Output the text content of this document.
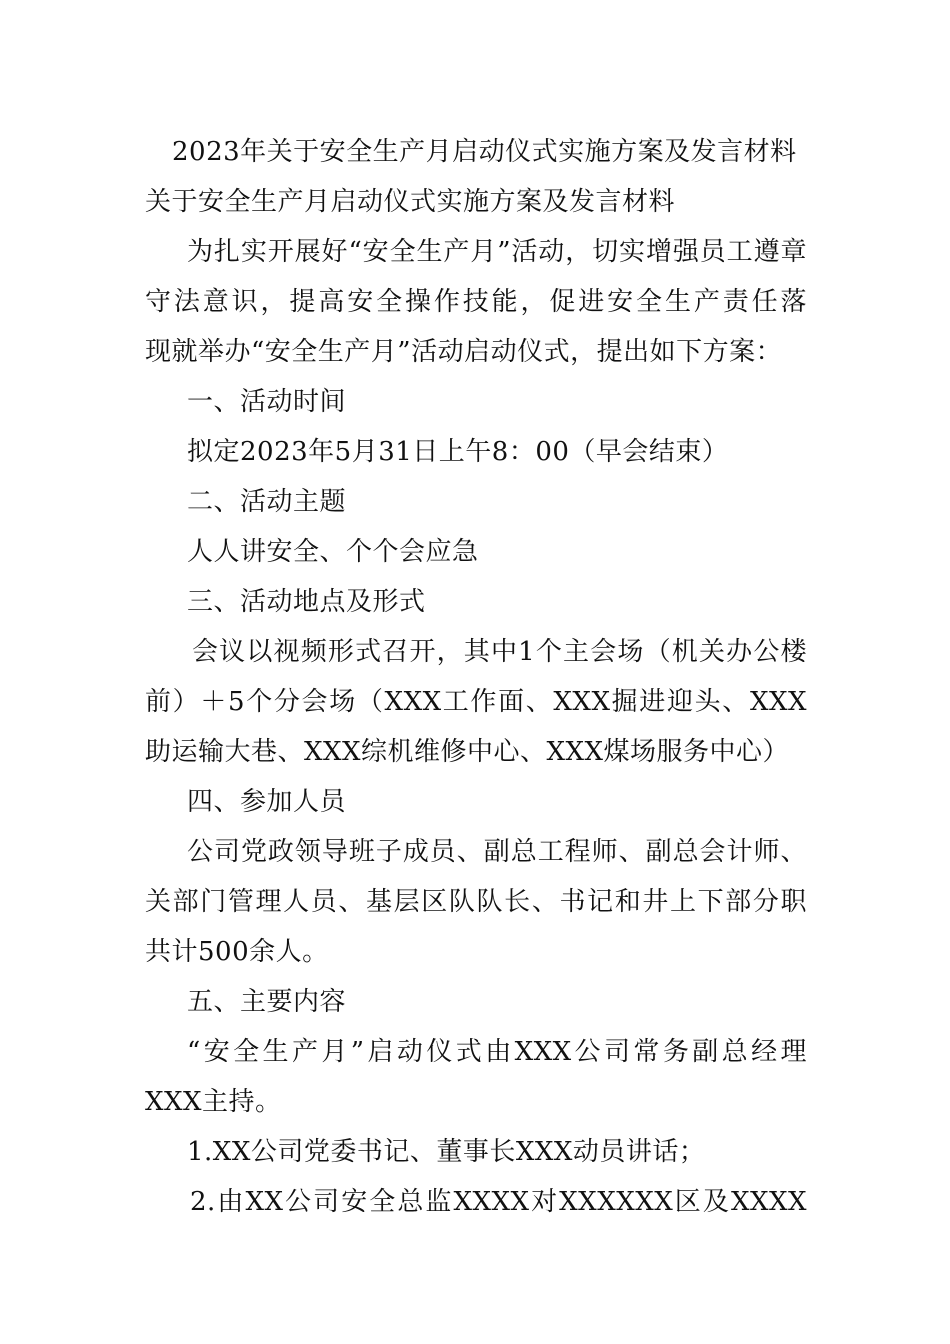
2023年关于安全生产月启动仪式实施方案及发言材料
关于安全生产月启动仪式实施方案及发言材料
为扎实开展好“安全生产月”活动，切实增强员工遵章
守法意识，提高安全操作技能，促进安全生产责任落
现就举办“安全生产月”活动启动仪式，提出如下方案：
一、活动时间
拟定2023年5月31日上午8：00（早会结束）
二、活动主题
人人讲安全、个个会应急
三、活动地点及形式
会议以视频形式召开，其中1个主会场（机关办公楼
前）＋5个分会场（XXX工作面、XXX掘进迎头、XXX
助运输大巷、XXX综机维修中心、XXX煤场服务中心）
四、参加人员
公司党政领导班子成员、副总工程师、副总会计师、
关部门管理人员、基层区队队长、书记和井上下部分职
共计500余人。
五、主要内容
“安全生产月”启动仪式由XXX公司常务副总经理
XXX主持。
1.XX公司党委书记、董事长XXX动员讲话；
2.由XX公司安全总监XXXX对XXXXXX区及XXXX
